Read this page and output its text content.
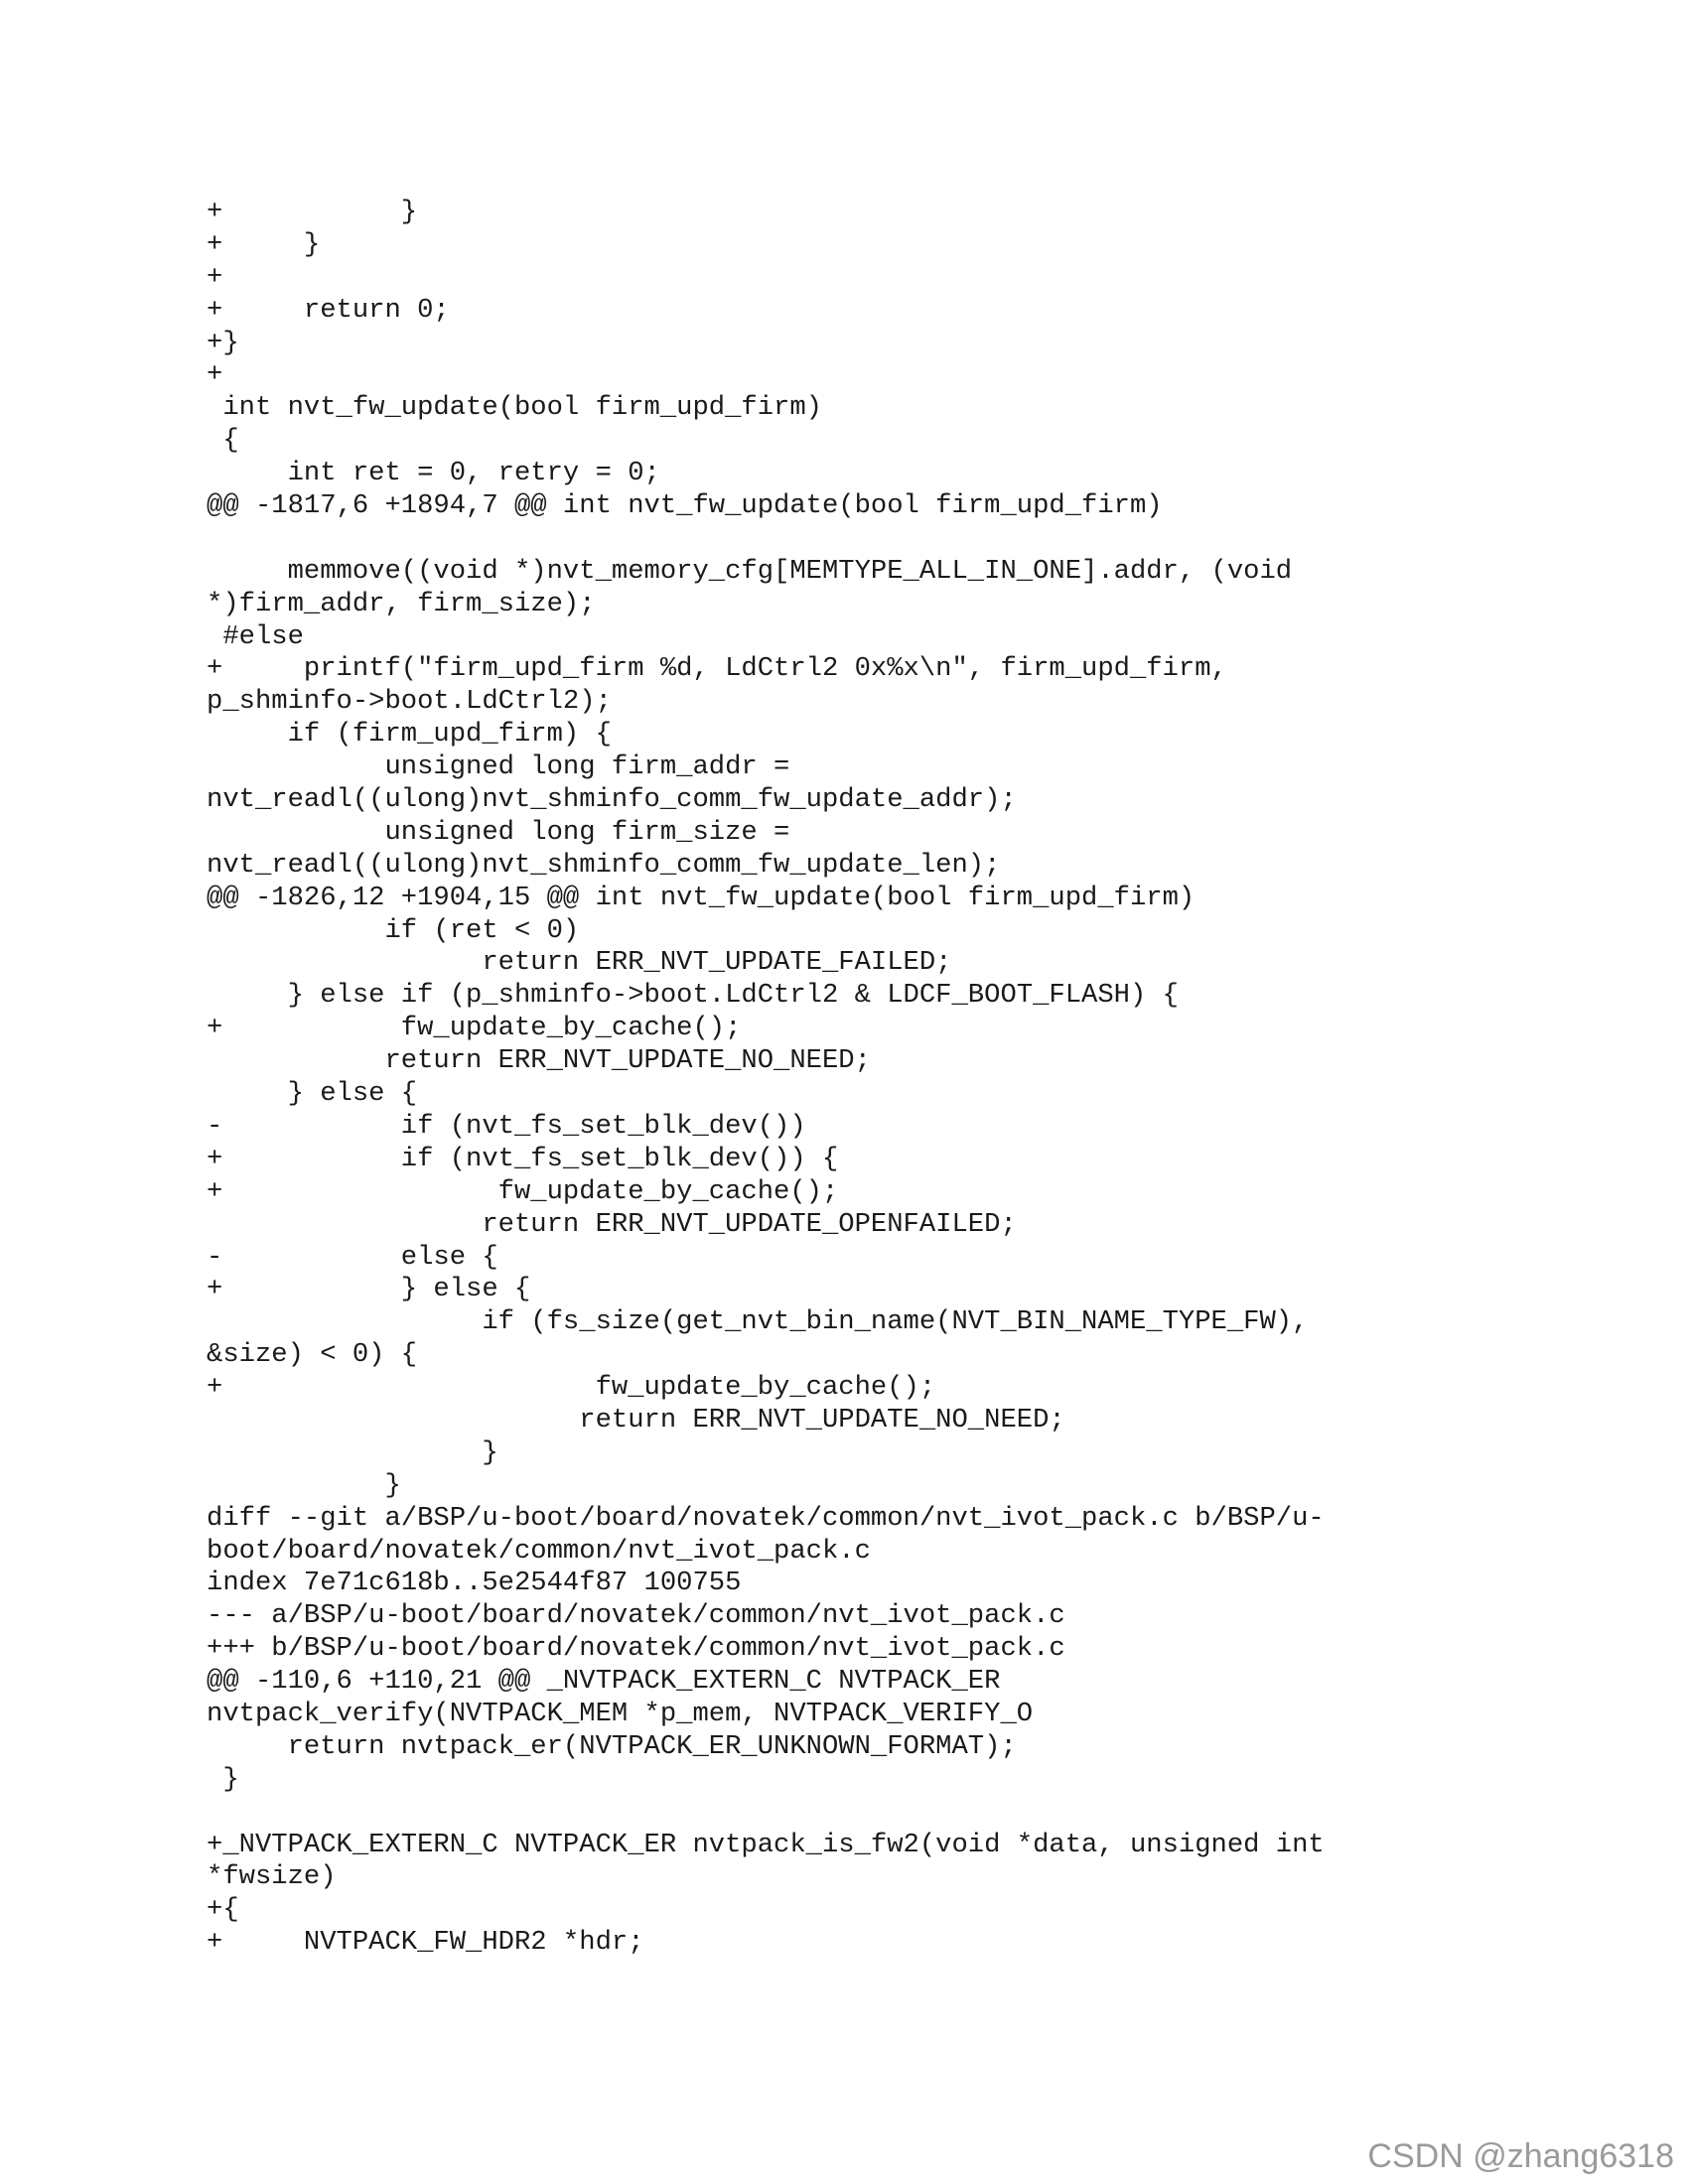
+           }
+     }
+
+     return 0;
+}
+
int nvt_fw_update(bool firm_upd_firm)
{
int ret = 0, retry = 0;
@@ -1817,6 +1894,7 @@ int nvt_fw_update(bool firm_upd_firm)
memmove((void *)nvt_memory_cfg[MEMTYPE_ALL_IN_ONE].addr, (void
*)firm_addr, firm_size);
#else
+     printf("firm_upd_firm %d, LdCtrl2 0x%x\n", firm_upd_firm,
p_shminfo->boot.LdCtrl2);
if (firm_upd_firm) {
unsigned long firm_addr =
nvt_readl((ulong)nvt_shminfo_comm_fw_update_addr);
unsigned long firm_size =
nvt_readl((ulong)nvt_shminfo_comm_fw_update_len);
@@ -1826,12 +1904,15 @@ int nvt_fw_update(bool firm_upd_firm)
if (ret < 0)
return ERR_NVT_UPDATE_FAILED;
} else if (p_shminfo->boot.LdCtrl2 & LDCF_BOOT_FLASH) {
+           fw_update_by_cache();
return ERR_NVT_UPDATE_NO_NEED;
} else {
-           if (nvt_fs_set_blk_dev())
+           if (nvt_fs_set_blk_dev()) {
+                 fw_update_by_cache();
return ERR_NVT_UPDATE_OPENFAILED;
-           else {
+           } else {
if (fs_size(get_nvt_bin_name(NVT_BIN_NAME_TYPE_FW),
&size) < 0) {
+                       fw_update_by_cache();
return ERR_NVT_UPDATE_NO_NEED;
}
}
diff --git a/BSP/u-boot/board/novatek/common/nvt_ivot_pack.c b/BSP/u-
boot/board/novatek/common/nvt_ivot_pack.c
index 7e71c618b..5e2544f87 100755
--- a/BSP/u-boot/board/novatek/common/nvt_ivot_pack.c
+++ b/BSP/u-boot/board/novatek/common/nvt_ivot_pack.c
@@ -110,6 +110,21 @@ _NVTPACK_EXTERN_C NVTPACK_ER
nvtpack_verify(NVTPACK_MEM *p_mem, NVTPACK_VERIFY_O
return nvtpack_er(NVTPACK_ER_UNKNOWN_FORMAT);
}
+_NVTPACK_EXTERN_C NVTPACK_ER nvtpack_is_fw2(void *data, unsigned int
*fwsize)
+{
+     NVTPACK_FW_HDR2 *hdr;
CSDN @zhang6318
